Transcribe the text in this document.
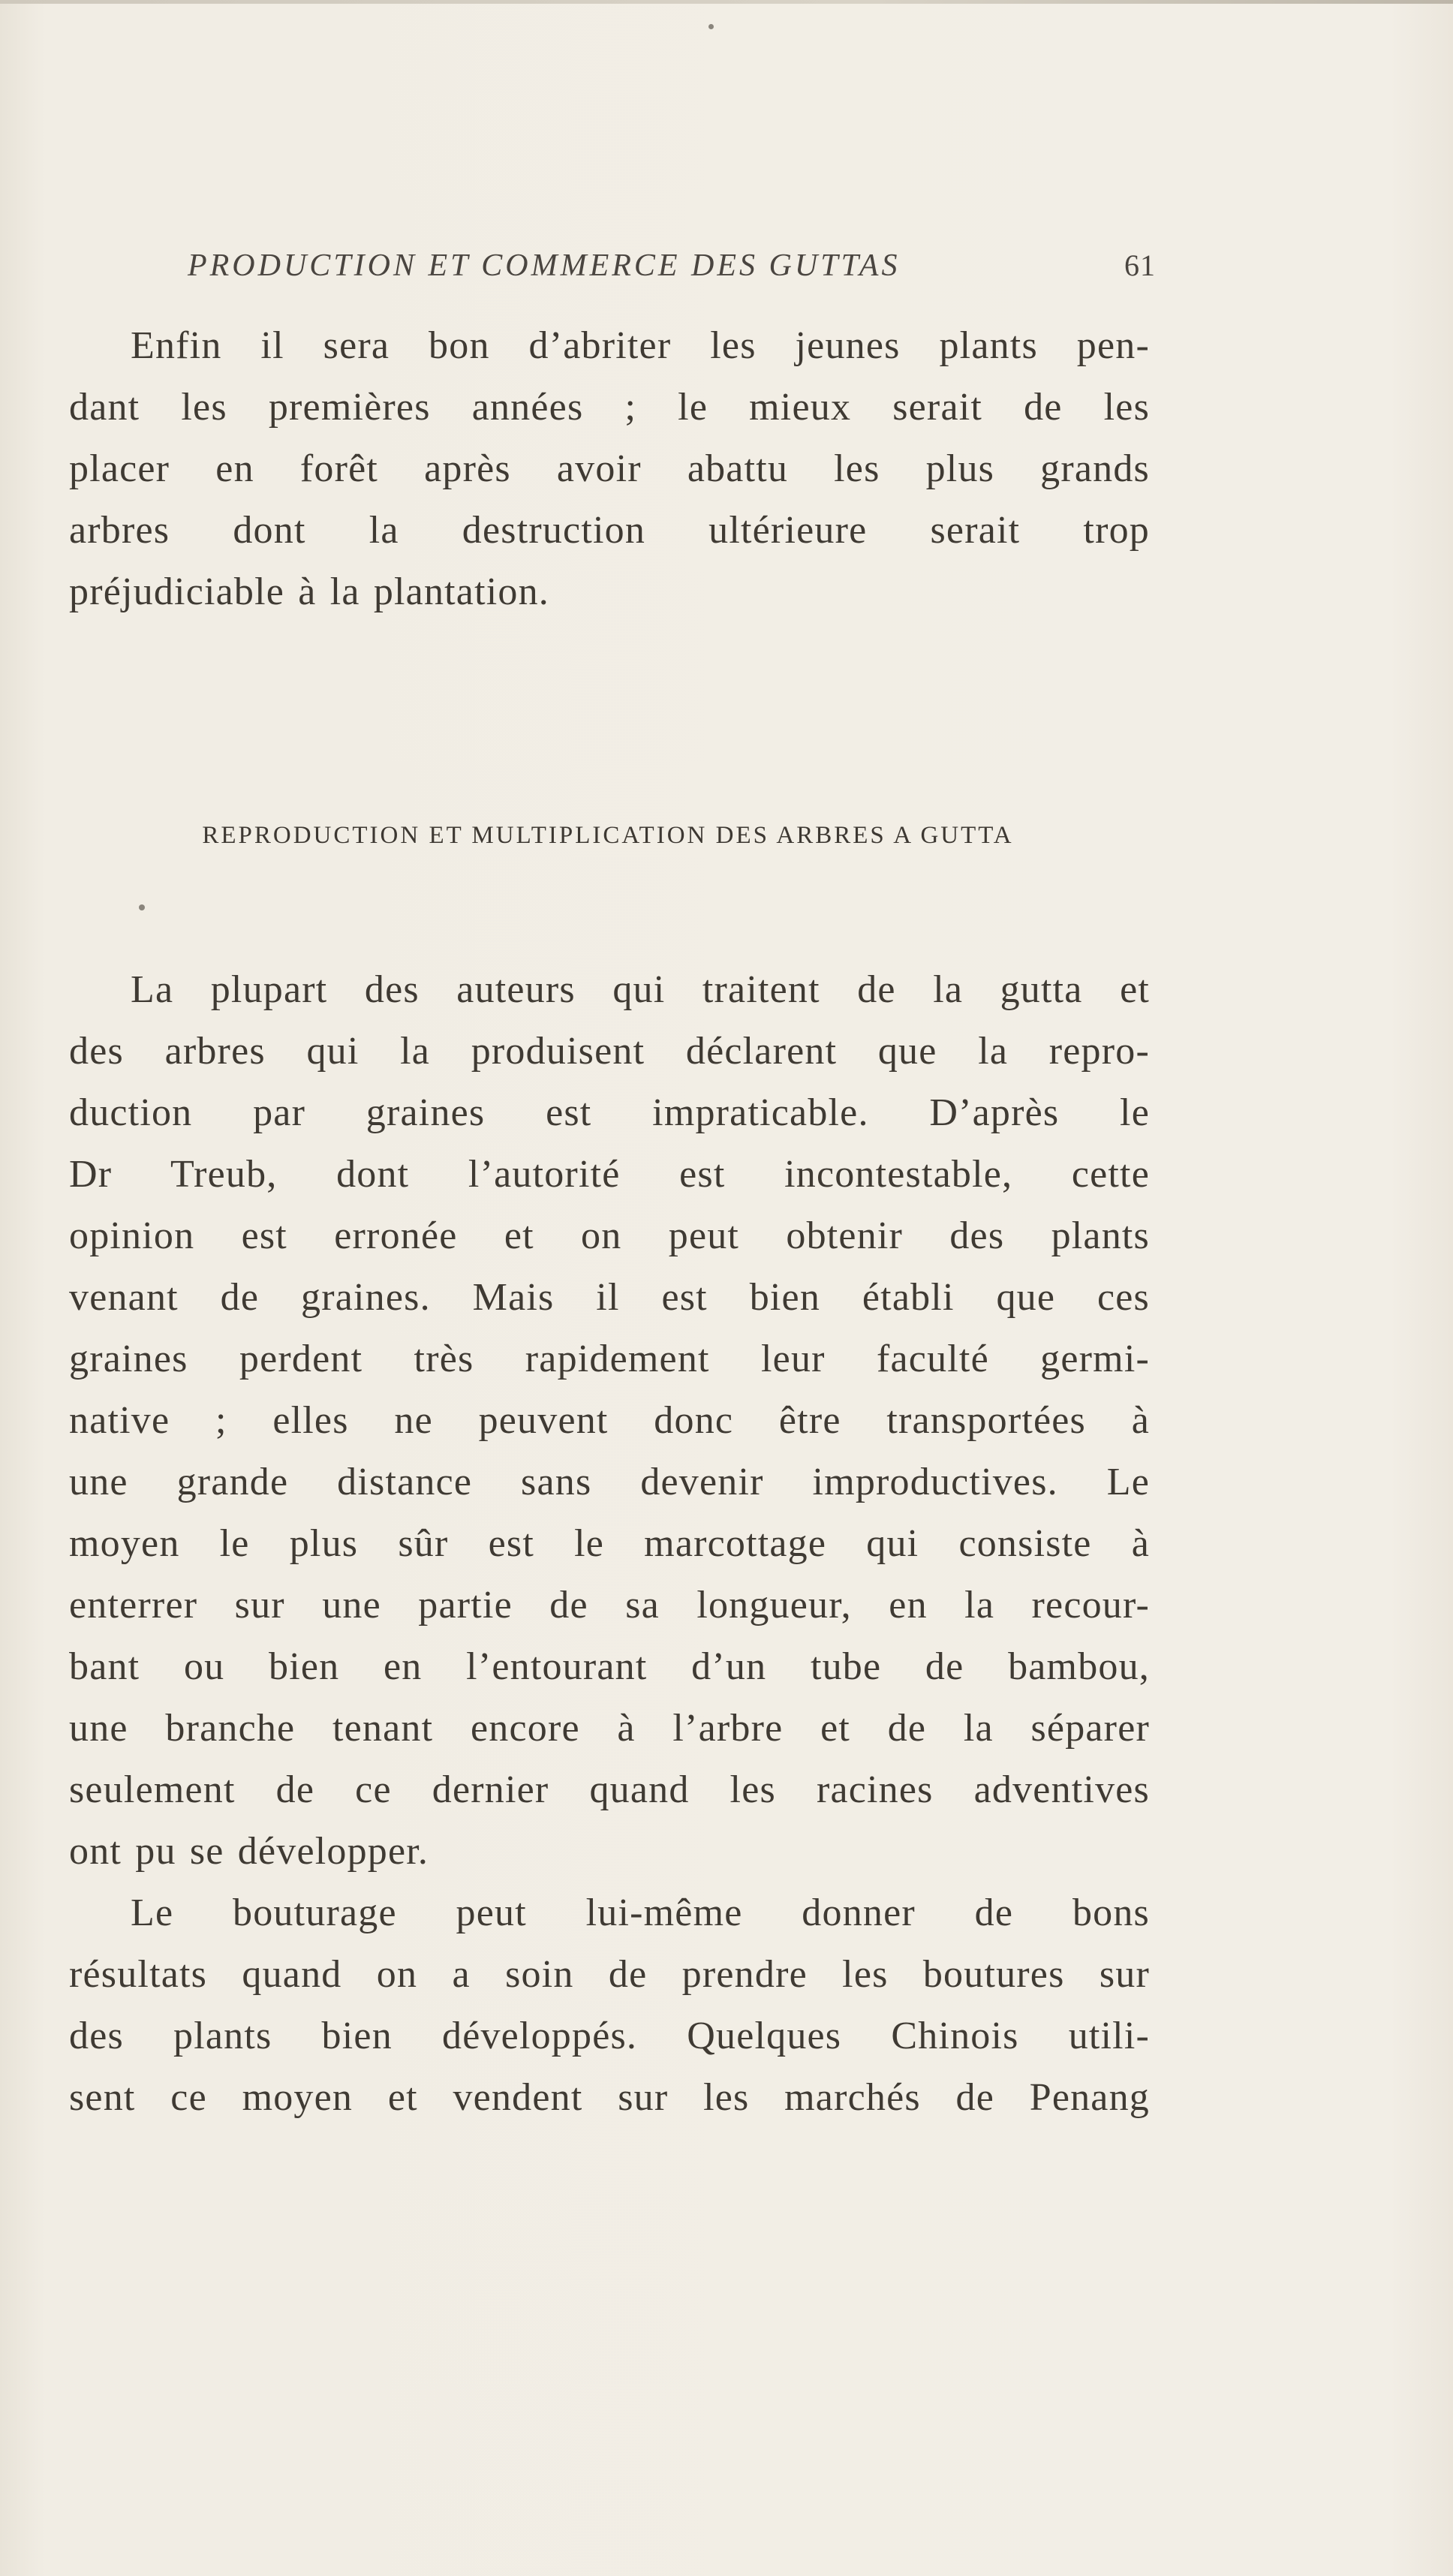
PRODUCTION ET COMMERCE DES GUTTAS	61
Enfin il sera bon d’abriter les jeunes plants pen-
dant les premières années ; le mieux serait de les
placer en forêt après avoir abattu les plus grands
arbres dont la destruction ultérieure serait trop
préjudiciable à la plantation.
REPRODUCTION ET MULTIPLICATION DES ARBRES A GUTTA
La plupart des auteurs qui traitent de la gutta et
des arbres qui la produisent déclarent que la repro-
duction par graines est impraticable. D’après le
Dr Treub, dont l’autorité est incontestable, cette
opinion est erronée et on peut obtenir des plants
venant de graines. Mais il est bien établi que ces
graines perdent très rapidement leur faculté germi-
native ; elles ne peuvent donc être transportées à
une grande distance sans devenir improductives. Le
moyen le plus sûr est le marcottage qui consiste à
enterrer sur une partie de sa longueur, en la recour-
bant ou bien en l’entourant d’un tube de bambou,
une branche tenant encore à l’arbre et de la séparer
seulement de ce dernier quand les racines adventives
ont pu se développer.
Le bouturage peut lui-même donner de bons
résultats quand on a soin de prendre les boutures sur
des plants bien développés. Quelques Chinois utili-
sent ce moyen et vendent sur les marchés de Penang
